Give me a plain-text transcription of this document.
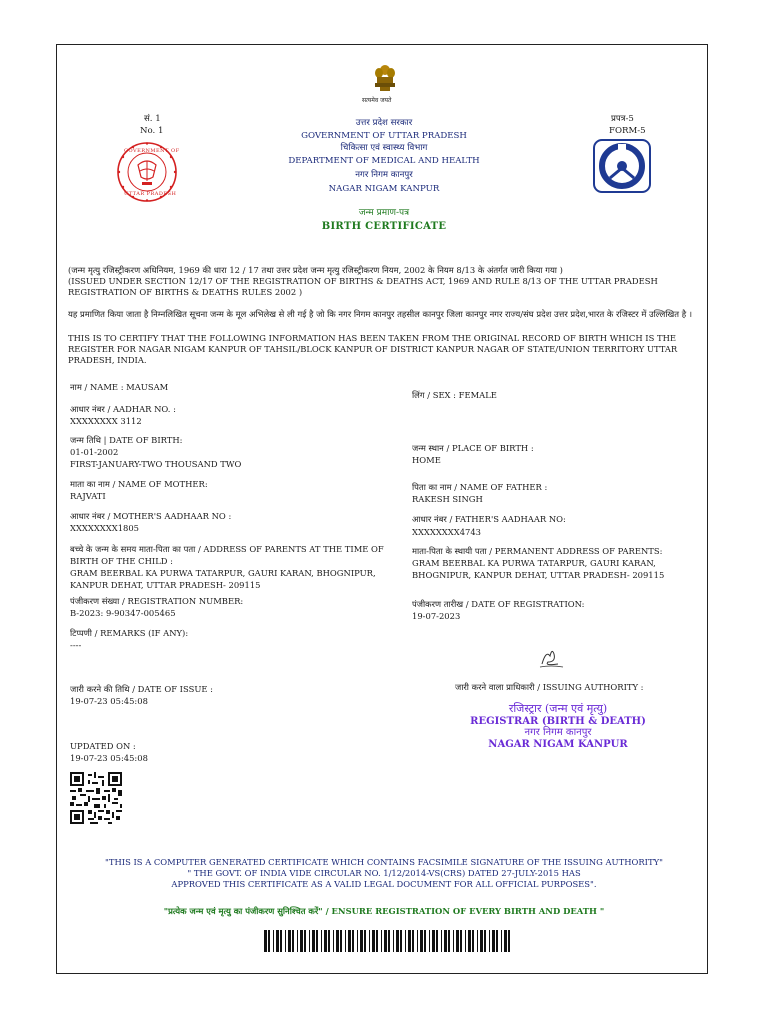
सत्यमेव जयते
सं. 1
No. 1
प्रपत्र-5
FORM-5
उत्तर प्रदेश सरकार
GOVERNMENT OF UTTAR PRADESH
चिकित्सा एवं स्वास्थ्य विभाग
DEPARTMENT OF MEDICAL AND HEALTH
नगर निगम कानपुर
NAGAR NIGAM KANPUR
GOVERNMENT OF
UTTAR PRADESH
जन्म प्रमाण-पत्र
BIRTH CERTIFICATE
(जन्म मृत्यु रजिस्ट्रीकरण अधिनियम, 1969 की धारा 12 / 17 तथा उत्तर प्रदेश जन्म मृत्यु रजिस्ट्रीकरण नियम, 2002 के नियम 8/13 के अंतर्गत जारी किया गया )
(ISSUED UNDER SECTION 12/17 OF THE REGISTRATION OF BIRTHS & DEATHS ACT, 1969 AND RULE 8/13 OF THE UTTAR PRADESH REGISTRATION OF BIRTHS & DEATHS RULES 2002 )
यह प्रमाणित किया जाता है निम्नलिखित सूचना जन्म के मूल अभिलेख से ली गई है जो कि नगर निगम कानपुर तहसील कानपुर जिला कानपुर नगर राज्य/संघ प्रदेश उत्तर प्रदेश,भारत के रजिस्टर में उल्लिखित है ।
THIS IS TO CERTIFY THAT THE FOLLOWING INFORMATION HAS BEEN TAKEN FROM THE ORIGINAL RECORD OF BIRTH WHICH IS THE REGISTER FOR NAGAR NIGAM KANPUR OF TAHSIL/BLOCK KANPUR OF DISTRICT KANPUR NAGAR OF STATE/UNION TERRITORY UTTAR PRADESH, INDIA.
नाम / NAME : MAUSAM
आधार नंबर / AADHAR NO. :
XXXXXXXX 3112
जन्म तिथि | DATE OF BIRTH:
01-01-2002
FIRST-JANUARY-TWO THOUSAND TWO
माता का नाम / NAME OF MOTHER:
RAJVATI
आधार नंबर / MOTHER'S AADHAAR NO :
XXXXXXXX1805
बच्चे के जन्म के समय माता-पिता का पता / ADDRESS OF PARENTS AT THE TIME OF
BIRTH OF THE CHILD :
GRAM BEERBAL KA PURWA TATARPUR, GAURI KARAN, BHOGNIPUR,
KANPUR DEHAT, UTTAR PRADESH- 209115
पंजीकरण संख्या / REGISTRATION NUMBER:
B-2023: 9-90347-005465
टिप्पणी / REMARKS (IF ANY):
----
जारी करने की तिथि / DATE OF ISSUE :
19-07-23 05:45:08
UPDATED ON :
19-07-23 05:45:08
लिंग / SEX : FEMALE
जन्म स्थान / PLACE OF BIRTH :
HOME
पिता का नाम / NAME OF FATHER :
RAKESH SINGH
आधार नंबर / FATHER'S AADHAAR NO:
XXXXXXXX4743
माता-पिता के स्थायी पता / PERMANENT ADDRESS OF PARENTS:
GRAM BEERBAL KA PURWA TATARPUR, GAURI KARAN,
BHOGNIPUR, KANPUR DEHAT, UTTAR PRADESH- 209115
पंजीकरण तारीख / DATE OF REGISTRATION:
19-07-2023
जारी करने वाला प्राधिकारी / ISSUING AUTHORITY :
रजिस्ट्रार (जन्म एवं मृत्यु)
REGISTRAR (BIRTH & DEATH)
नगर निगम कानपुर
NAGAR NIGAM KANPUR
"THIS IS A COMPUTER GENERATED CERTIFICATE WHICH CONTAINS FACSIMILE SIGNATURE OF THE ISSUING AUTHORITY"
" THE GOVT. OF INDIA VIDE CIRCULAR NO. 1/12/2014-VS(CRS) DATED 27-JULY-2015 HAS
APPROVED THIS CERTIFICATE AS A VALID LEGAL DOCUMENT FOR ALL OFFICIAL PURPOSES".
"प्रत्येक जन्म एवं मृत्यु का पंजीकरण सुनिश्चित करें" / ENSURE REGISTRATION OF EVERY BIRTH AND DEATH "
